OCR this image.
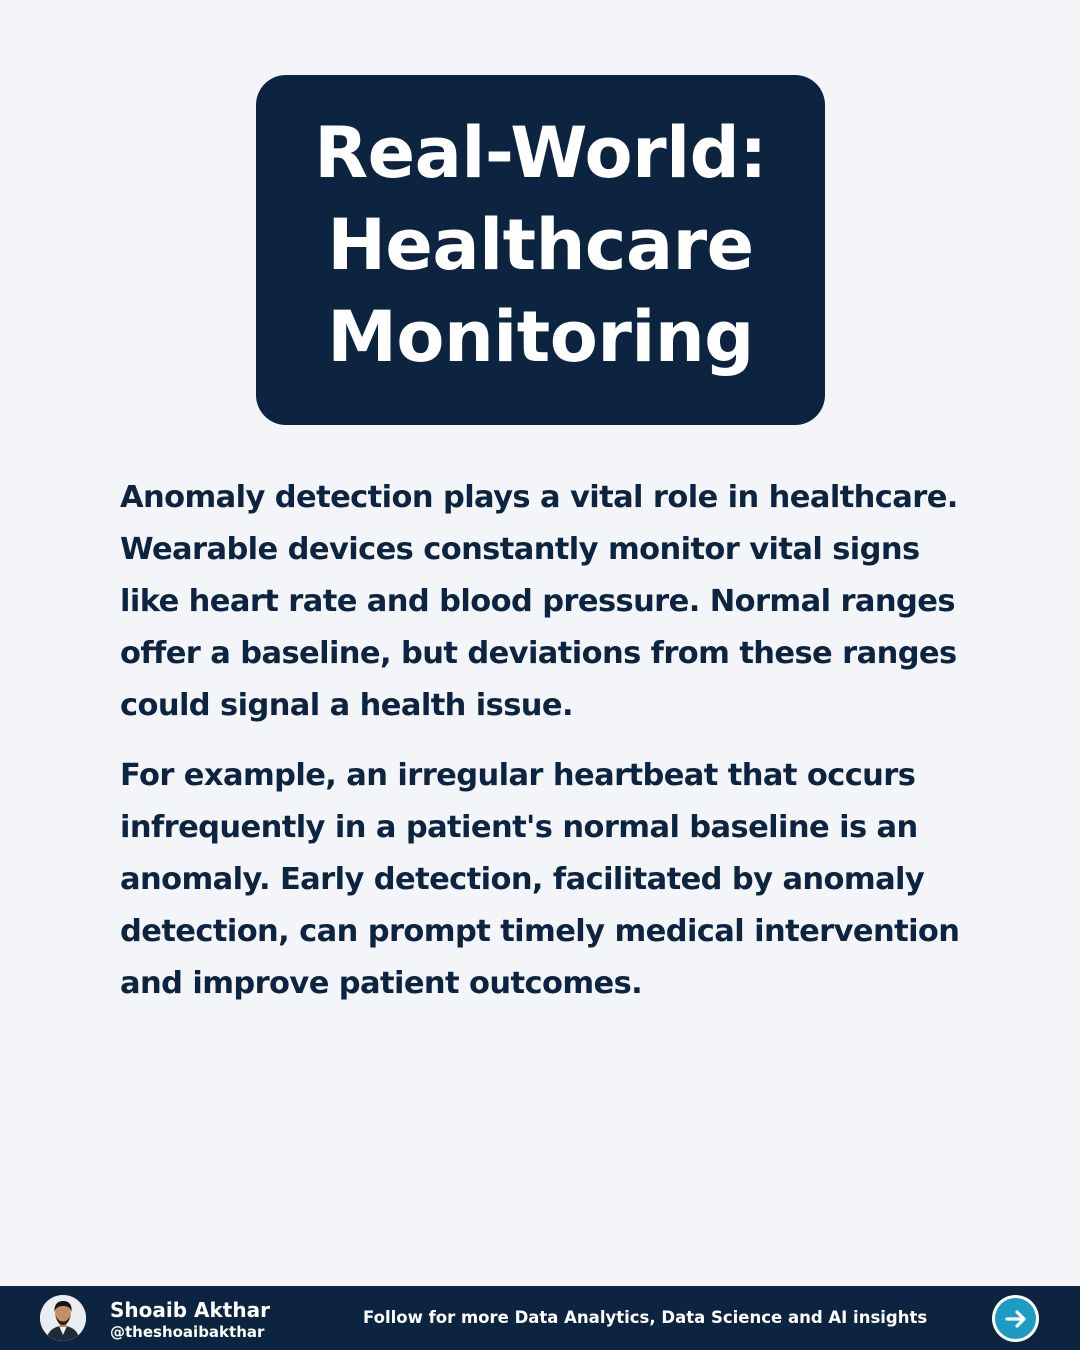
Real-World:
Healthcare
Monitoring

Anomaly detection plays a vital role in healthcare. Wearable devices constantly monitor vital signs like heart rate and blood pressure. Normal ranges offer a baseline, but deviations from these ranges could signal a health issue.

For example, an irregular heartbeat that occurs infrequently in a patient's normal baseline is an anomaly. Early detection, facilitated by anomaly detection, can prompt timely medical intervention and improve patient outcomes.

Shoaib Akthar
@theshoaibakthar
Follow for more Data Analytics, Data Science and AI insights
